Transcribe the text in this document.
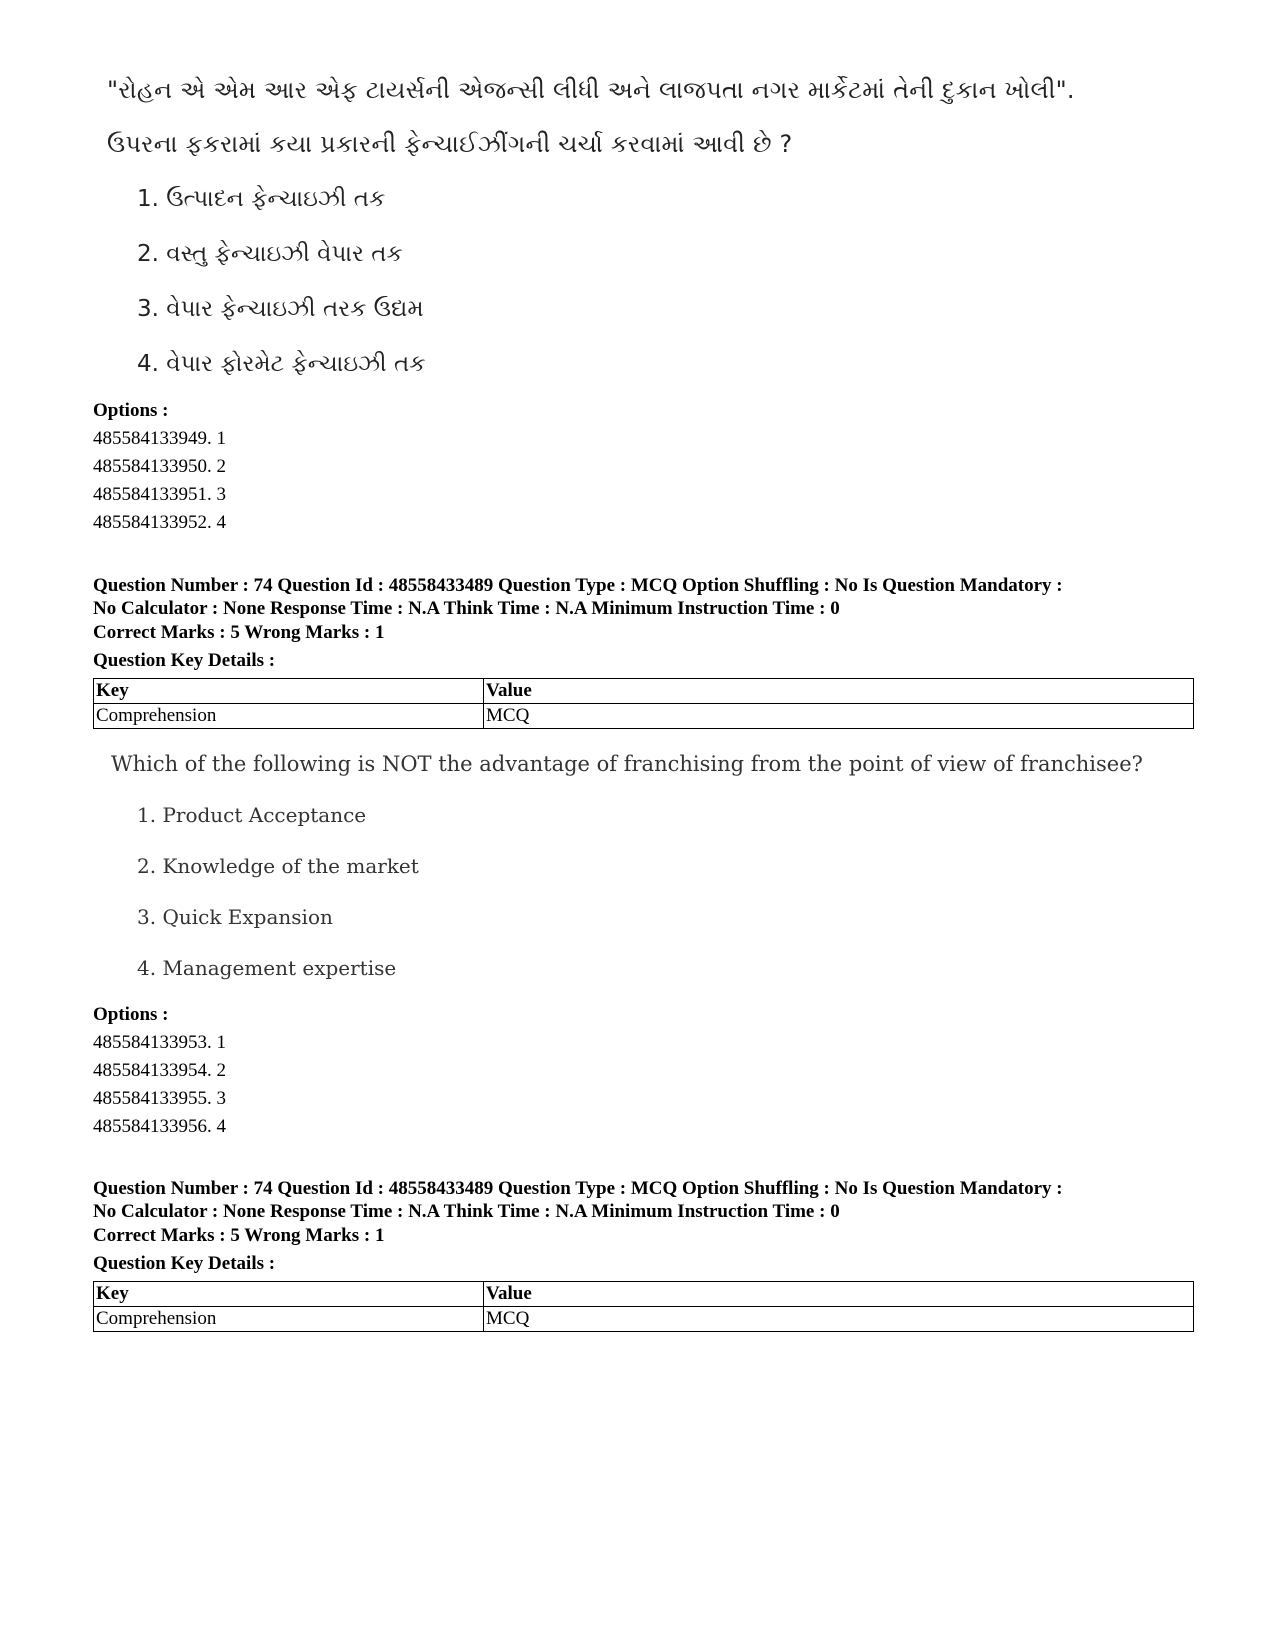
"રોહન એ એમ આર એફ ટાયર્સની એજન્સી લીધી અને લાજપતા નગર માર્કેટમાં તેની દુકાન ખોલી".
ઉપરના ફકરામાં કયા પ્રકારની ફેન્ચાઈઝીંગની ચર્ચા કરવામાં આવી છે ?
1. ઉત્પાદન ફેન્ચાઇઝી તક
2. વસ્તુ ફેન્ચાઇઝી વેપાર તક
3. વેપાર ફેન્ચાઇઝી તરક ઉદ્યમ
4. વેપાર ફોરમેટ ફેન્ચાઇઝી તક
Options :
485584133949. 1
485584133950. 2
485584133951. 3
485584133952. 4
Question Number : 74 Question Id : 48558433489 Question Type : MCQ Option Shuffling : No Is Question Mandatory :
No Calculator : None Response Time : N.A Think Time : N.A Minimum Instruction Time : 0
Correct Marks : 5 Wrong Marks : 1
Question Key Details :
Key	Value
Comprehension	MCQ
Which of the following is NOT the advantage of franchising from the point of view of franchisee?
1. Product Acceptance
2. Knowledge of the market
3. Quick Expansion
4. Management expertise
Options :
485584133953. 1
485584133954. 2
485584133955. 3
485584133956. 4
Question Number : 74 Question Id : 48558433489 Question Type : MCQ Option Shuffling : No Is Question Mandatory :
No Calculator : None Response Time : N.A Think Time : N.A Minimum Instruction Time : 0
Correct Marks : 5 Wrong Marks : 1
Question Key Details :
Key	Value
Comprehension	MCQ
